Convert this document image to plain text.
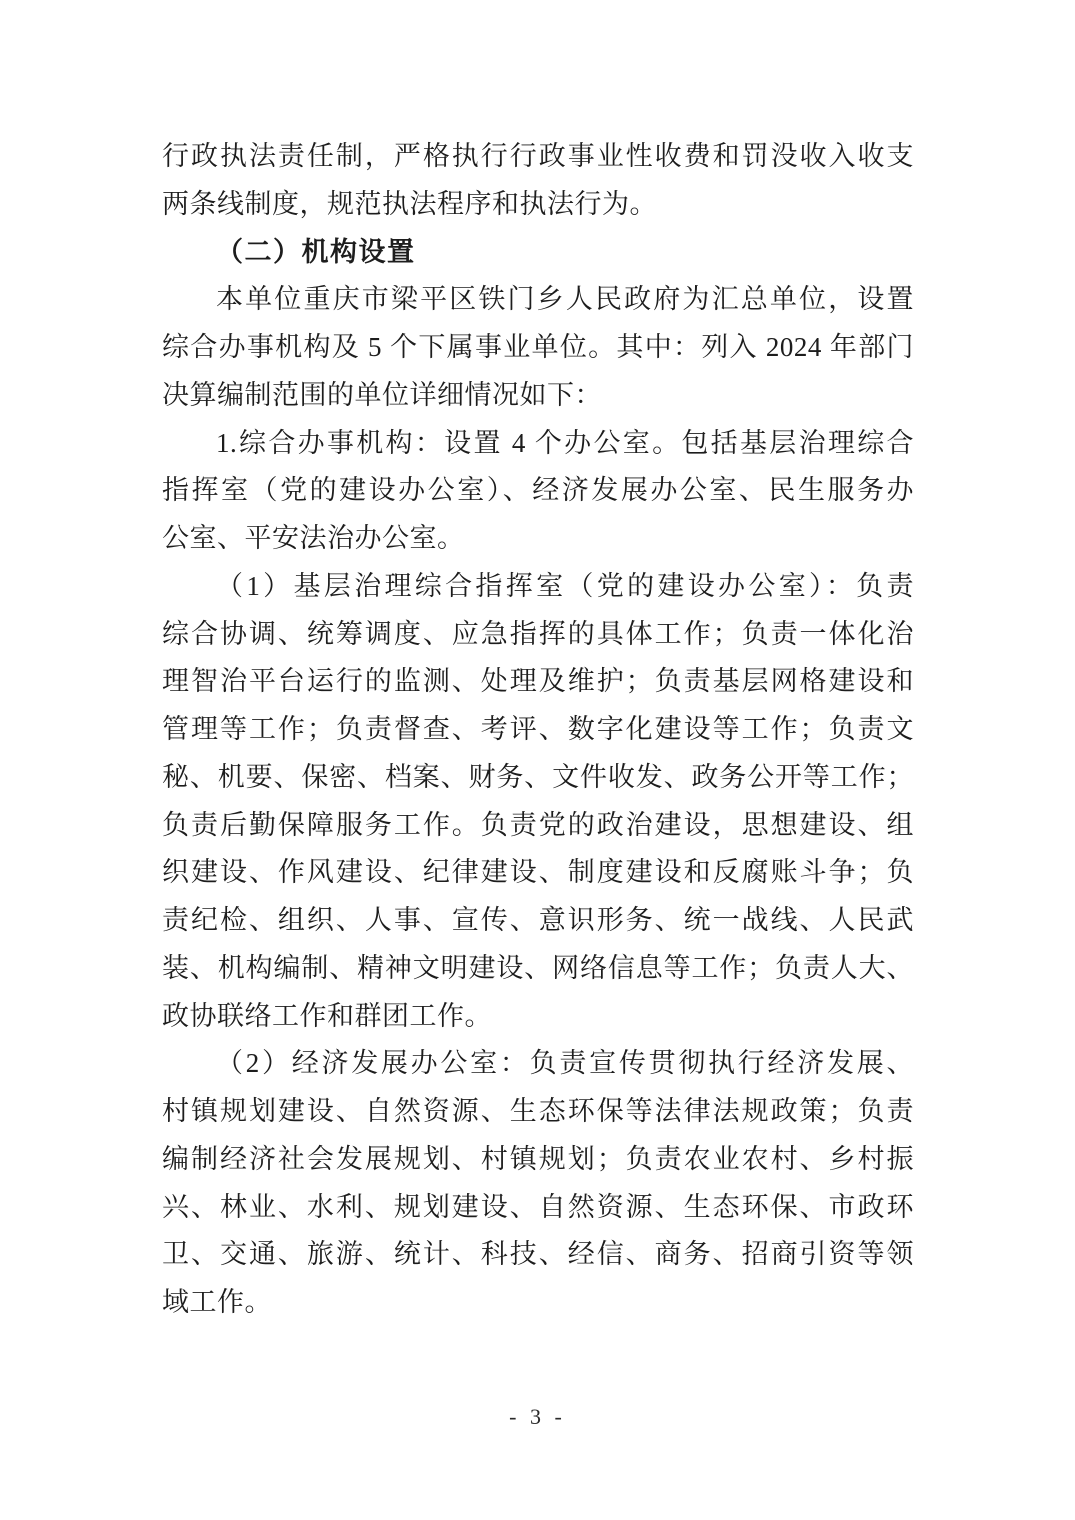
行政执法责任制，严格执行行政事业性收费和罚没收入收支
两条线制度，规范执法程序和执法行为。
（二）机构设置
本单位重庆市梁平区铁门乡人民政府为汇总单位，设置
综合办事机构及 5 个下属事业单位。其中：列入 2024 年部门
决算编制范围的单位详细情况如下：
1.综合办事机构：设置 4 个办公室。包括基层治理综合
指挥室（党的建设办公室）、经济发展办公室、民生服务办
公室、平安法治办公室。
（1）基层治理综合指挥室（党的建设办公室）：负责
综合协调、统筹调度、应急指挥的具体工作；负责一体化治
理智治平台运行的监测、处理及维护；负责基层网格建设和
管理等工作；负责督查、考评、数字化建设等工作；负责文
秘、机要、保密、档案、财务、文件收发、政务公开等工作；
负责后勤保障服务工作。负责党的政治建设，思想建设、组
织建设、作风建设、纪律建设、制度建设和反腐账斗争；负
责纪检、组织、人事、宣传、意识形务、统一战线、人民武
装、机构编制、精神文明建设、网络信息等工作；负责人大、
政协联络工作和群团工作。
（2）经济发展办公室：负责宣传贯彻执行经济发展、
村镇规划建设、自然资源、生态环保等法律法规政策；负责
编制经济社会发展规划、村镇规划；负责农业农村、乡村振
兴、林业、水利、规划建设、自然资源、生态环保、市政环
卫、交通、旅游、统计、科技、经信、商务、招商引资等领
域工作。
- 3 -
